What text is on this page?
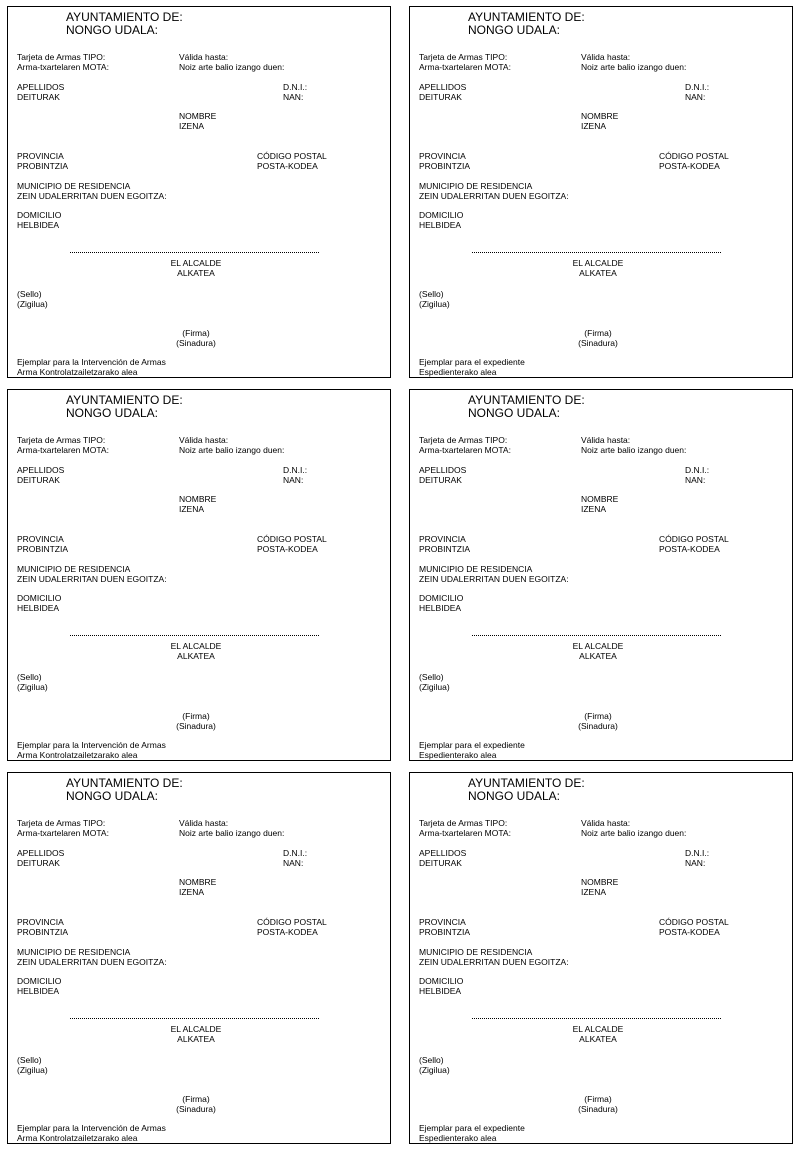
AYUNTAMIENTO DE:
NONGO UDALA:
Tarjeta de Armas TIPO:
Arma-txartelaren MOTA:
Válida hasta:
Noiz arte balio izango duen:
APELLIDOS
DEITURAK
D.N.I.:
NAN:
NOMBRE
IZENA
PROVINCIA
PROBINTZIA
CÓDIGO POSTAL
POSTA-KODEA
MUNICIPIO DE RESIDENCIA
ZEIN UDALERRITAN DUEN EGOITZA:
DOMICILIO
HELBIDEA
EL ALCALDE
ALKATEA
(Sello)
(Zigilua)
(Firma)
(Sinadura)
Ejemplar para la Intervención de Armas
Arma Kontrolatzailetzarako alea
AYUNTAMIENTO DE:
NONGO UDALA:
Tarjeta de Armas TIPO:
Arma-txartelaren MOTA:
Válida hasta:
Noiz arte balio izango duen:
APELLIDOS
DEITURAK
D.N.I.:
NAN:
NOMBRE
IZENA
PROVINCIA
PROBINTZIA
CÓDIGO POSTAL
POSTA-KODEA
MUNICIPIO DE RESIDENCIA
ZEIN UDALERRITAN DUEN EGOITZA:
DOMICILIO
HELBIDEA
EL ALCALDE
ALKATEA
(Sello)
(Zigilua)
(Firma)
(Sinadura)
Ejemplar para el expediente
Espedienterako alea
AYUNTAMIENTO DE:
NONGO UDALA:
Tarjeta de Armas TIPO:
Arma-txartelaren MOTA:
Válida hasta:
Noiz arte balio izango duen:
APELLIDOS
DEITURAK
D.N.I.:
NAN:
NOMBRE
IZENA
PROVINCIA
PROBINTZIA
CÓDIGO POSTAL
POSTA-KODEA
MUNICIPIO DE RESIDENCIA
ZEIN UDALERRITAN DUEN EGOITZA:
DOMICILIO
HELBIDEA
EL ALCALDE
ALKATEA
(Sello)
(Zigilua)
(Firma)
(Sinadura)
Ejemplar para la Intervención de Armas
Arma Kontrolatzailetzarako alea
AYUNTAMIENTO DE:
NONGO UDALA:
Tarjeta de Armas TIPO:
Arma-txartelaren MOTA:
Válida hasta:
Noiz arte balio izango duen:
APELLIDOS
DEITURAK
D.N.I.:
NAN:
NOMBRE
IZENA
PROVINCIA
PROBINTZIA
CÓDIGO POSTAL
POSTA-KODEA
MUNICIPIO DE RESIDENCIA
ZEIN UDALERRITAN DUEN EGOITZA:
DOMICILIO
HELBIDEA
EL ALCALDE
ALKATEA
(Sello)
(Zigilua)
(Firma)
(Sinadura)
Ejemplar para el expediente
Espedienterako alea
AYUNTAMIENTO DE:
NONGO UDALA:
Tarjeta de Armas TIPO:
Arma-txartelaren MOTA:
Válida hasta:
Noiz arte balio izango duen:
APELLIDOS
DEITURAK
D.N.I.:
NAN:
NOMBRE
IZENA
PROVINCIA
PROBINTZIA
CÓDIGO POSTAL
POSTA-KODEA
MUNICIPIO DE RESIDENCIA
ZEIN UDALERRITAN DUEN EGOITZA:
DOMICILIO
HELBIDEA
EL ALCALDE
ALKATEA
(Sello)
(Zigilua)
(Firma)
(Sinadura)
Ejemplar para la Intervención de Armas
Arma Kontrolatzailetzarako alea
AYUNTAMIENTO DE:
NONGO UDALA:
Tarjeta de Armas TIPO:
Arma-txartelaren MOTA:
Válida hasta:
Noiz arte balio izango duen:
APELLIDOS
DEITURAK
D.N.I.:
NAN:
NOMBRE
IZENA
PROVINCIA
PROBINTZIA
CÓDIGO POSTAL
POSTA-KODEA
MUNICIPIO DE RESIDENCIA
ZEIN UDALERRITAN DUEN EGOITZA:
DOMICILIO
HELBIDEA
EL ALCALDE
ALKATEA
(Sello)
(Zigilua)
(Firma)
(Sinadura)
Ejemplar para el expediente
Espedienterako alea
